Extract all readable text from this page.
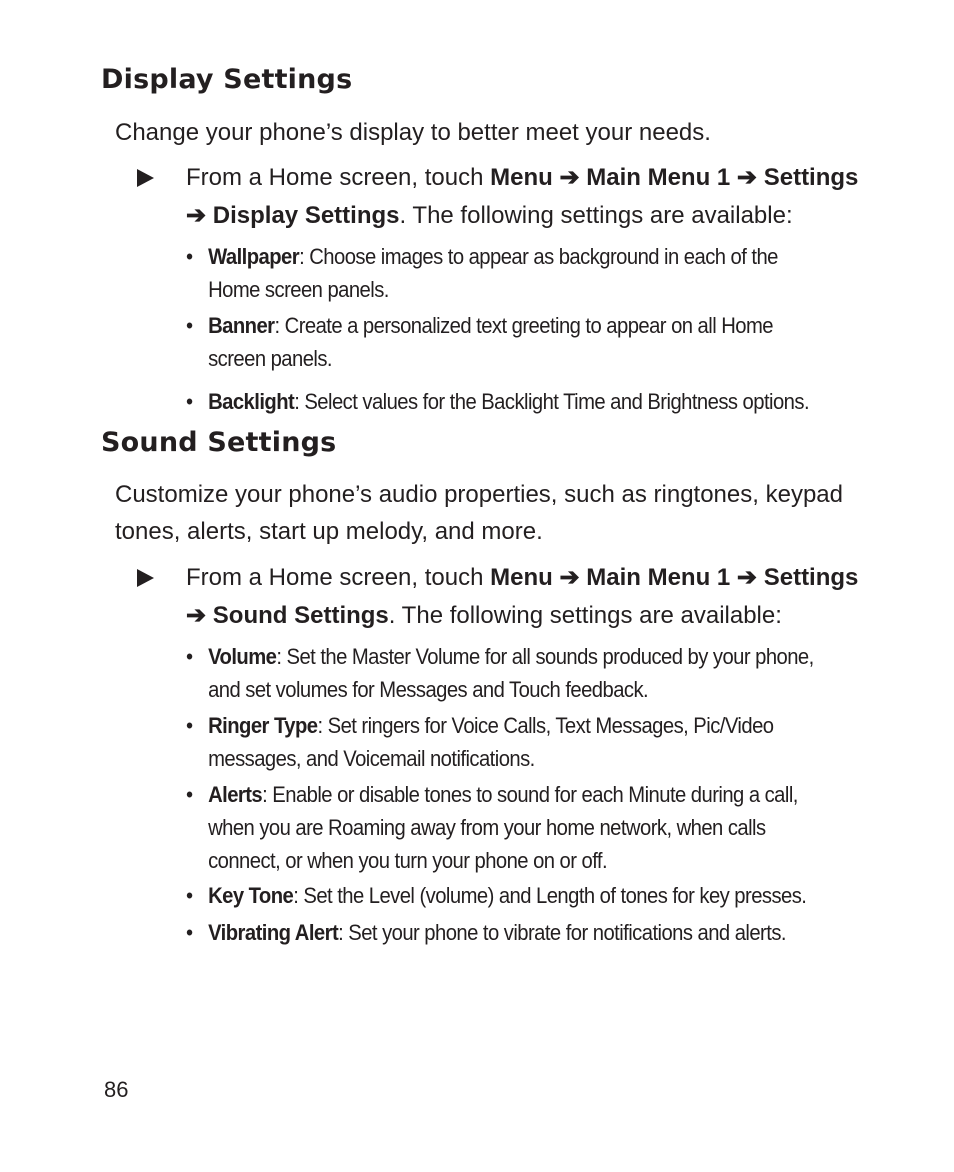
Display Settings

Change your phone’s display to better meet your needs.

From a Home screen, touch Menu ➔ Main Menu 1 ➔ Settings
➔ Display Settings. The following settings are available:

• Wallpaper: Choose images to appear as background in each of the Home screen panels.
• Banner: Create a personalized text greeting to appear on all Home screen panels.
• Backlight: Select values for the Backlight Time and Brightness options.
Sound Settings

Customize your phone’s audio properties, such as ringtones, keypad tones, alerts, start up melody, and more.

From a Home screen, touch Menu ➔ Main Menu 1 ➔ Settings
➔ Sound Settings. The following settings are available:

• Volume: Set the Master Volume for all sounds produced by your phone, and set volumes for Messages and Touch feedback.
• Ringer Type: Set ringers for Voice Calls, Text Messages, Pic/Video messages, and Voicemail notifications.
• Alerts: Enable or disable tones to sound for each Minute during a call, when you are Roaming away from your home network, when calls connect, or when you turn your phone on or off.
• Key Tone: Set the Level (volume) and Length of tones for key presses.
• Vibrating Alert: Set your phone to vibrate for notifications and alerts.
86
